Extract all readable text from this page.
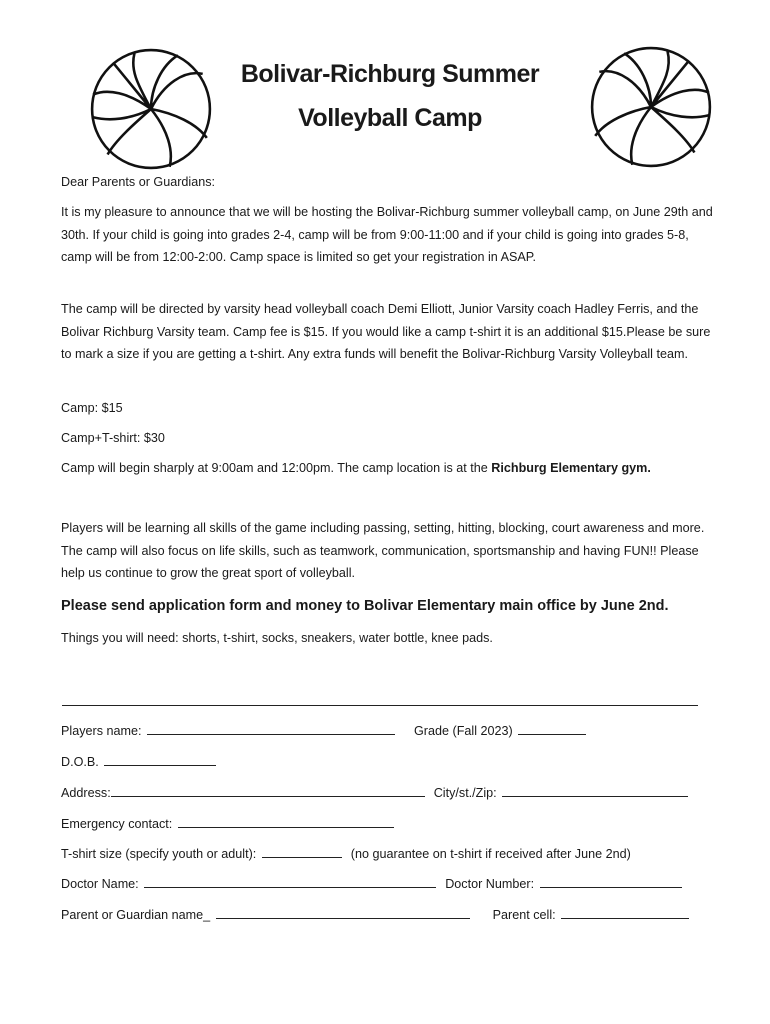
Bolivar-Richburg Summer
Volleyball Camp

Dear Parents or Guardians:

It is my pleasure to announce that we will be hosting the Bolivar-Richburg summer volleyball camp, on June 29th and 30th. If your child is going into grades 2-4, camp will be from 9:00-11:00 and if your child is going into grades 5-8, camp will be from 12:00-2:00. Camp space is limited so get your registration in ASAP.

The camp will be directed by varsity head volleyball coach Demi Elliott, Junior Varsity coach Hadley Ferris, and the Bolivar Richburg Varsity team. Camp fee is $15. If you would like a camp t-shirt it is an additional $15.Please be sure to mark a size if you are getting a t-shirt. Any extra funds will benefit the Bolivar-Richburg Varsity Volleyball team.

Camp: $15

Camp+T-shirt: $30

Camp will begin sharply at 9:00am and 12:00pm. The camp location is at the Richburg Elementary gym.

Players will be learning all skills of the game including passing, setting, hitting, blocking, court awareness and more. The camp will also focus on life skills, such as teamwork, communication, sportsmanship and having FUN!! Please help us continue to grow the great sport of volleyball.

Please send application form and money to Bolivar Elementary main office by June 2nd.

Things you will need: shorts, t-shirt, socks, sneakers, water bottle, knee pads.

Players name:	Grade (Fall 2023)
D.O.B.
Address:	City/st./Zip:
Emergency contact:
T-shirt size (specify youth or adult):	(no guarantee on t-shirt if received after June 2nd)
Doctor Name:	Doctor Number:
Parent or Guardian name_	Parent cell:
